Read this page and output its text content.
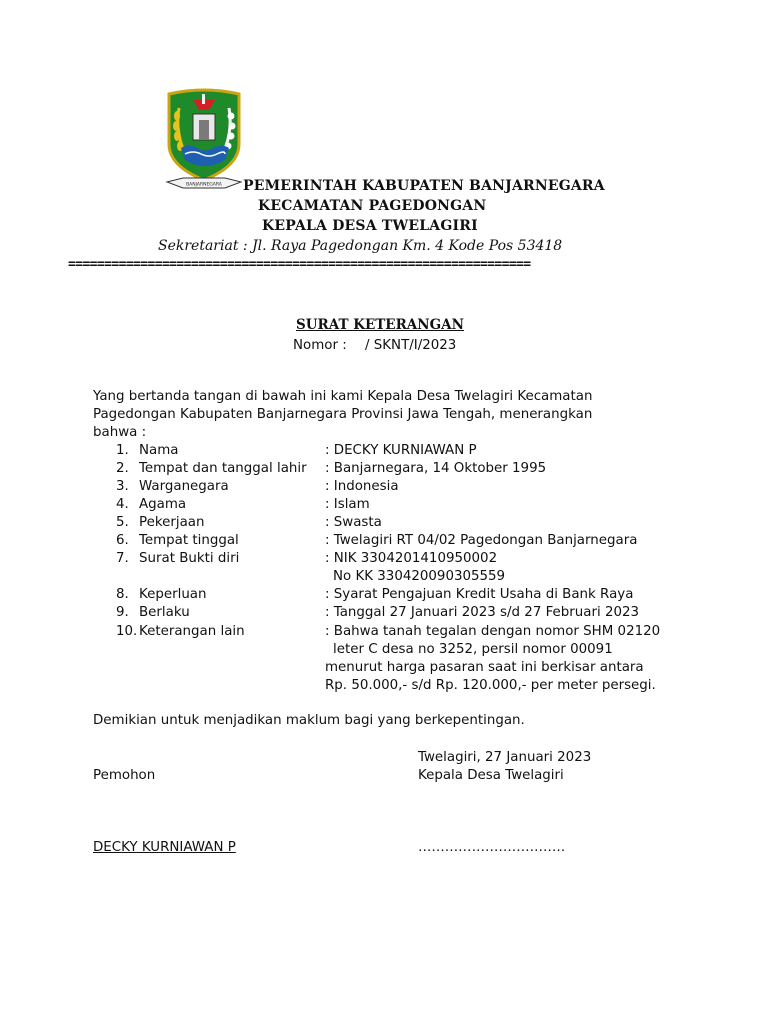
BANJARNEGARA PEMERINTAH KABUPATEN BANJARNEGARA
KECAMATAN PAGEDONGAN
KEPALA DESA TWELAGIRI
Sekretariat : Jl. Raya Pagedongan Km. 4 Kode Pos 53418
================================================================
SURAT KETERANGAN
Nomor : / SKNT/I/2023
Yang bertanda tangan di bawah ini kami Kepala Desa Twelagiri Kecamatan
Pagedongan Kabupaten Banjarnegara Provinsi Jawa Tengah, menerangkan
bahwa :
1. Nama	: DECKY KURNIAWAN P
2. Tempat dan tanggal lahir : Banjarnegara, 14 Oktober 1995
3. Warganegara	: Indonesia
4. Agama	: Islam
5. Pekerjaan	: Swasta
6. Tempat tinggal	: Twelagiri RT 04/02 Pagedongan Banjarnegara
7. Surat Bukti diri	: NIK 3304201410950002
No KK 330420090305559
8. Keperluan	: Syarat Pengajuan Kredit Usaha di Bank Raya
9. Berlaku	: Tanggal 27 Januari 2023 s/d 27 Februari 2023
10. Keterangan lain	: Bahwa tanah tegalan dengan nomor SHM 02120
leter C desa no 3252, persil nomor 00091
menurut harga pasaran saat ini berkisar antara
Rp. 50.000,- s/d Rp. 120.000,- per meter persegi.
Demikian untuk menjadikan maklum bagi yang berkepentingan.
Twelagiri, 27 Januari 2023
Pemohon	Kepala Desa Twelagiri
DECKY KURNIAWAN P	……………………………
